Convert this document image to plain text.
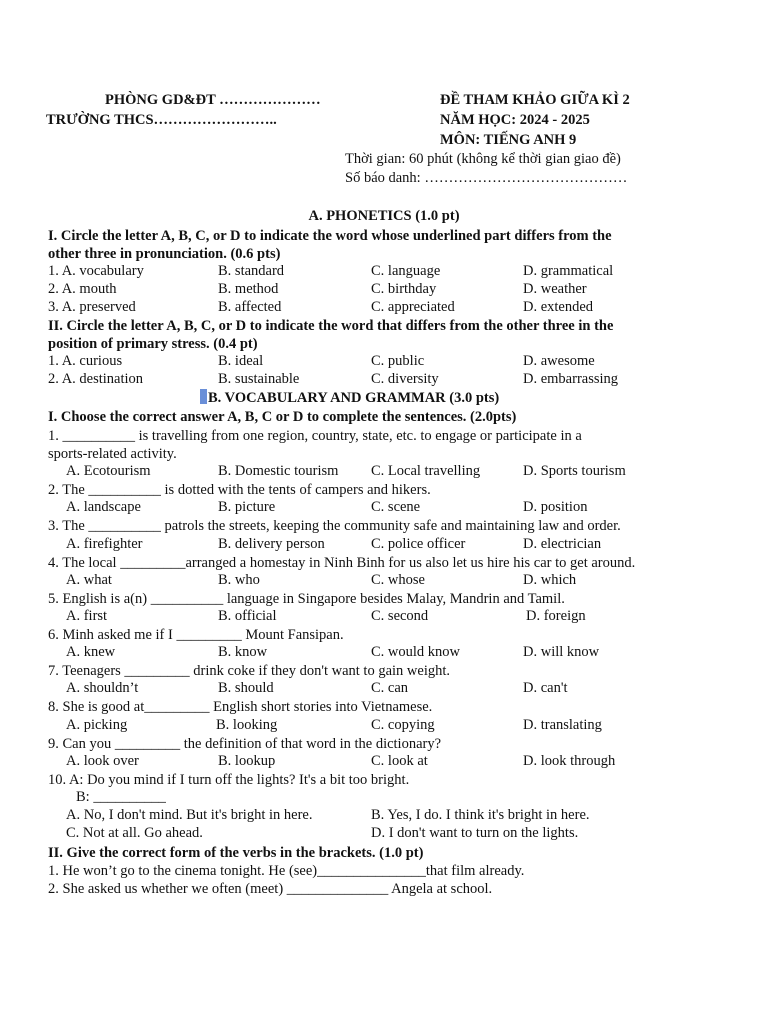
PHÒNG GD&ĐT …………………
TRƯỜNG THCS……………………..
ĐỀ THAM KHẢO GIỮA KÌ 2
NĂM HỌC: 2024 - 2025
MÔN: TIẾNG ANH 9
Thời gian: 60 phút (không kể thời gian giao đề)
Số báo danh: ……………………………………
A. PHONETICS (1.0 pt)
I. Circle the letter A, B, C, or D to indicate the word whose underlined part differs from the
other three in pronunciation. (0.6 pts)
1. A. vocabulary	B. standard	C. language	D. grammatical
2. A. mouth	B. method	C. birthday	D. weather
3. A. preserved	B. affected	C. appreciated	D. extended
II. Circle the letter A, B, C, or D to indicate the word that differs from the other three in the
position of primary stress. (0.4 pt)
1. A. curious	B. ideal	C. public	D. awesome
2. A. destination	B. sustainable	C. diversity	D. embarrassing
B. VOCABULARY AND GRAMMAR (3.0 pts)
I. Choose the correct answer A, B, C or D to complete the sentences. (2.0pts)
1. __________ is travelling from one region, country, state, etc. to engage or participate in a
sports-related activity.
A. Ecotourism	B. Domestic tourism C. Local travelling	D. Sports tourism
2. The __________ is dotted with the tents of campers and hikers.
A. landscape	B. picture	C. scene	D. position
3. The __________ patrols the streets, keeping the community safe and maintaining law and order.
A. firefighter	B. delivery person	C. police officer	D. electrician
4. The local _________arranged a homestay in Ninh Binh for us also let us hire his car to get around.
A. what	B. who	C. whose	D. which
5. English is a(n) __________ language in Singapore besides Malay, Mandrin and Tamil.
A. first	B. official	C. second	D. foreign
6. Minh asked me if I _________ Mount Fansipan.
A. knew	B. know	C. would know	D. will know
7. Teenagers _________ drink coke if they don't want to gain weight.
A. shouldn’t	B. should	C. can	D. can't
8. She is good at_________ English short stories into Vietnamese.
A. picking	B. looking	C. copying	D. translating
9. Can you _________ the definition of that word in the dictionary?
A. look over	B. lookup	C. look at	D. look through
10. A: Do you mind if I turn off the lights? It's a bit too bright.
B: __________
A. No, I don't mind. But it's bright in here.	B. Yes, I do. I think it's bright in here.
C. Not at all. Go ahead.	D. I don't want to turn on the lights.
II. Give the correct form of the verbs in the brackets. (1.0 pt)
1. He won’t go to the cinema tonight. He (see)_______________that film already.
2. She asked us whether we often (meet) ______________ Angela at school.
